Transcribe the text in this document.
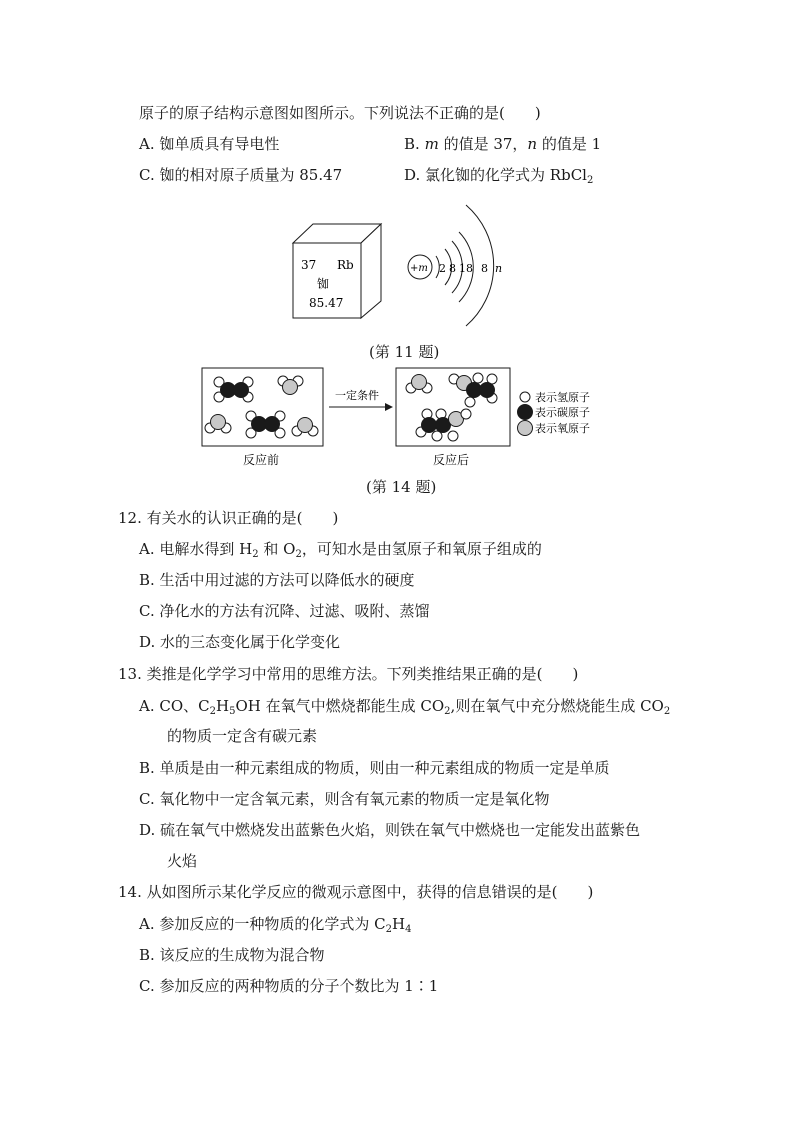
原子的原子结构示意图如图所示。下列说法不正确的是(　　)
A. 铷单质具有导电性	B. m 的值是 37，n 的值是 1
C. 铷的相对原子质量为 85.47	D. 氯化铷的化学式为 RbCl$_2$
37 Rb
铷
85.47
+m 2 8 18 8 n
(第 11 题)
一定条件	表示氢原子
表示碳原子
表示氧原子
反应前	反应后
(第 14 题)
12. 有关水的认识正确的是(　　)
A. 电解水得到 $H_2$ 和 $O_2$，可知水是由氢原子和氧原子组成的
B. 生活中用过滤的方法可以降低水的硬度
C. 净化水的方法有沉降、过滤、吸附、蒸馏
D. 水的三态变化属于化学变化
13. 类推是化学学习中常用的思维方法。下列类推结果正确的是(　　)
A. CO、$C_2H_5OH$ 在氧气中燃烧都能生成 $CO_2$,则在氧气中充分燃烧能生成 $CO_2$
的物质一定含有碳元素
B. 单质是由一种元素组成的物质，则由一种元素组成的物质一定是单质
C. 氧化物中一定含氧元素，则含有氧元素的物质一定是氧化物
D. 硫在氧气中燃烧发出蓝紫色火焰，则铁在氧气中燃烧也一定能发出蓝紫色
火焰
14. 从如图所示某化学反应的微观示意图中，获得的信息错误的是(　　)
A. 参加反应的一种物质的化学式为 $C_2H_4$
B. 该反应的生成物为混合物
C. 参加反应的两种物质的分子个数比为 1∶1
